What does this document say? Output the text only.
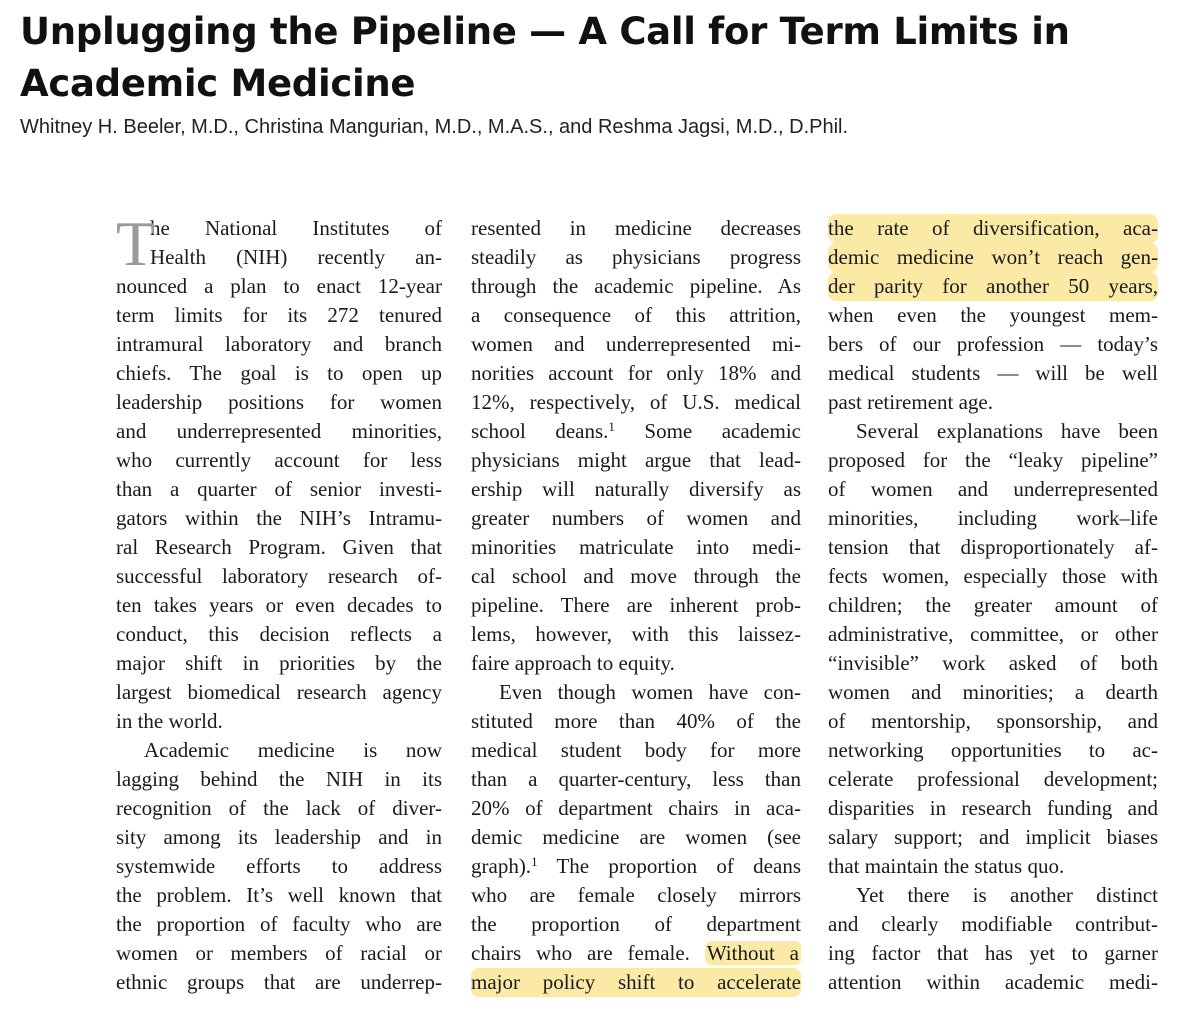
Unplugging the Pipeline — A Call for Term Limits in Academic Medicine

Whitney H. Beeler, M.D., Christina Mangurian, M.D., M.A.S., and Reshma Jagsi, M.D., D.Phil.

T
he National Institutes of
Health (NIH) recently an-
nounced a plan to enact 12-year
term limits for its 272 tenured
intramural laboratory and branch
chiefs. The goal is to open up
leadership positions for women
and underrepresented minorities,
who currently account for less
than a quarter of senior investi-
gators within the NIH’s Intramu-
ral Research Program. Given that
successful laboratory research of-
ten takes years or even decades to
conduct, this decision reflects a
major shift in priorities by the
largest biomedical research agency
in the world.
Academic medicine is now
lagging behind the NIH in its
recognition of the lack of diver-
sity among its leadership and in
systemwide efforts to address
the problem. It’s well known that
the proportion of faculty who are
women or members of racial or
ethnic groups that are underrep-
resented in medicine decreases
steadily as physicians progress
through the academic pipeline. As
a consequence of this attrition,
women and underrepresented mi-
norities account for only 18% and
12%, respectively, of U.S. medical
school deans.$^1$ Some academic
physicians might argue that lead-
ership will naturally diversify as
greater numbers of women and
minorities matriculate into medi-
cal school and move through the
pipeline. There are inherent prob-
lems, however, with this laissez-
faire approach to equity.
Even though women have con-
stituted more than 40% of the
medical student body for more
than a quarter-century, less than
20% of department chairs in aca-
demic medicine are women (see
graph).$^1$ The proportion of deans
who are female closely mirrors
the proportion of department
chairs who are female. Without a
major policy shift to accelerate
the rate of diversification, aca-
demic medicine won’t reach gen-
der parity for another 50 years,
when even the youngest mem-
bers of our profession — today’s
medical students — will be well
past retirement age.
Several explanations have been
proposed for the “leaky pipeline”
of women and underrepresented
minorities, including work–life
tension that disproportionately af-
fects women, especially those with
children; the greater amount of
administrative, committee, or other
“invisible” work asked of both
women and minorities; a dearth
of mentorship, sponsorship, and
networking opportunities to ac-
celerate professional development;
disparities in research funding and
salary support; and implicit biases
that maintain the status quo.
Yet there is another distinct
and clearly modifiable contribut-
ing factor that has yet to garner
attention within academic medi-
